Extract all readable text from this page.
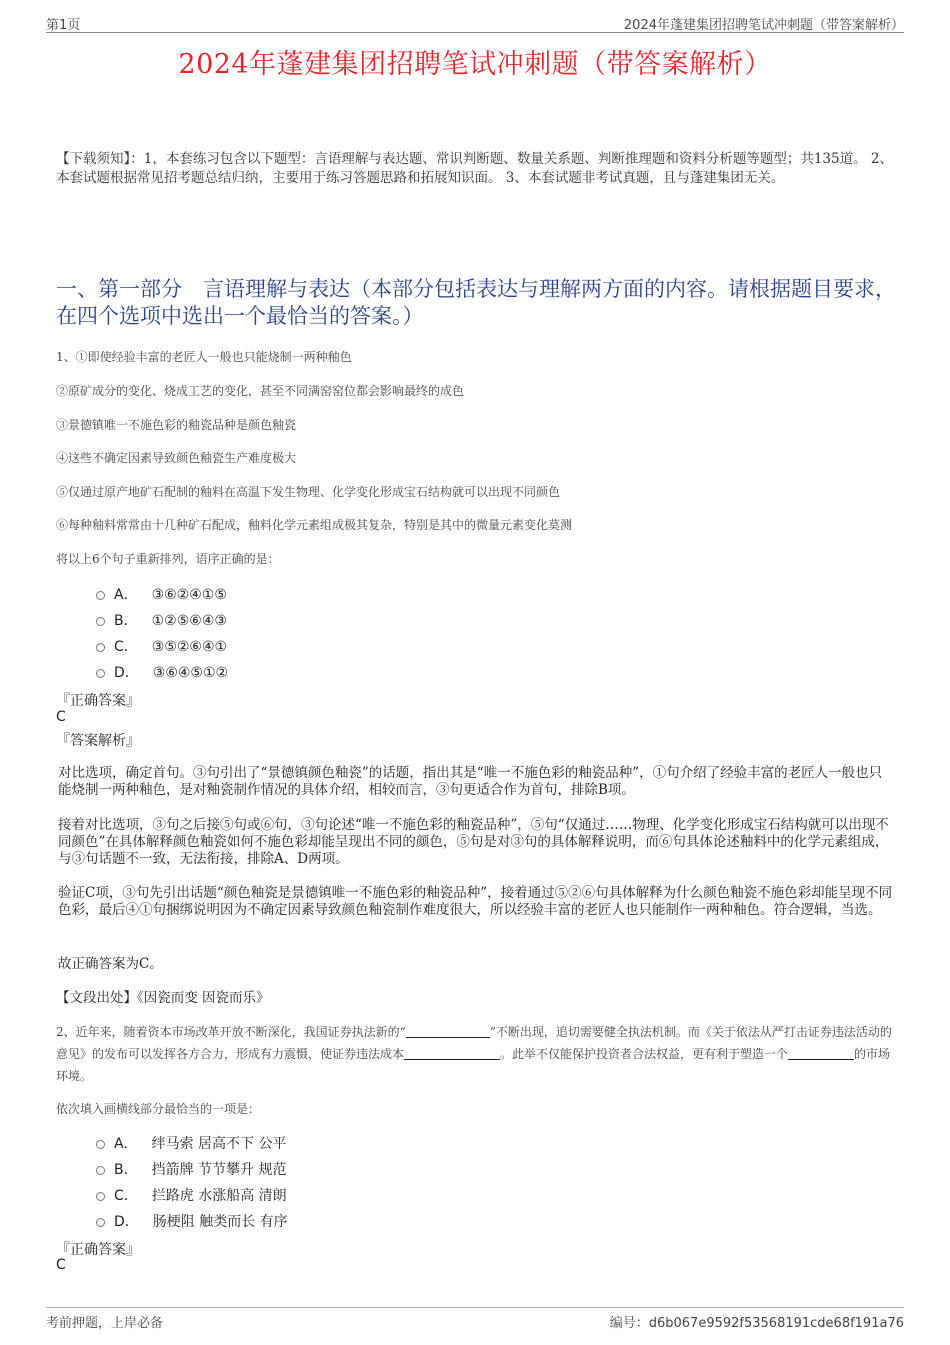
第1页	2024年蓬建集团招聘笔试冲刺题（带答案解析）
2024年蓬建集团招聘笔试冲刺题（带答案解析）
【下载须知】：1，本套练习包含以下题型：言语理解与表达题、常识判断题、数量关系题、判断推理题和资料分析题等题型；共135道。 2、本套试题根据常见招考题总结归纳，主要用于练习答题思路和拓展知识面。 3、本套试题非考试真题，且与蓬建集团无关。
一、第一部分　言语理解与表达（本部分包括表达与理解两方面的内容。请根据题目要求，在四个选项中选出一个最恰当的答案。）
1、①即使经验丰富的老匠人一般也只能烧制一两种釉色
②原矿成分的变化、烧成工艺的变化，甚至不同满窑窑位都会影响最终的成色
③景德镇唯一不施色彩的釉瓷品种是颜色釉瓷
④这些不确定因素导致颜色釉瓷生产难度极大
⑤仅通过原产地矿石配制的釉料在高温下发生物理、化学变化形成宝石结构就可以出现不同颜色
⑥每种釉料常常由十几种矿石配成，釉料化学元素组成极其复杂，特别是其中的微量元素变化莫测
将以上6个句子重新排列，语序正确的是：
A． ③⑥②④①⑤
B． ①②⑤⑥④③
C． ③⑤②⑥④①
D． ③⑥④⑤①②
『正确答案』
C
『答案解析』
对比选项，确定首句。③句引出了“景德镇颜色釉瓷”的话题，指出其是“唯一不施色彩的釉瓷品种”，①句介绍了经验丰富的老匠人一般也只能烧制一两种釉色，是对釉瓷制作情况的具体介绍，相较而言，③句更适合作为首句，排除B项。
接着对比选项，③句之后接⑤句或⑥句，③句论述“唯一不施色彩的釉瓷品种”，⑤句“仅通过……物理、化学变化形成宝石结构就可以出现不同颜色”在具体解释颜色釉瓷如何不施色彩却能呈现出不同的颜色，⑤句是对③句的具体解释说明，而⑥句具体论述釉料中的化学元素组成，与③句话题不一致，无法衔接，排除A、D两项。
验证C项，③句先引出话题“颜色釉瓷是景德镇唯一不施色彩的釉瓷品种”，接着通过⑤②⑥句具体解释为什么颜色釉瓷不施色彩却能呈现不同色彩，最后④①句捆绑说明因为不确定因素导致颜色釉瓷制作难度很大，所以经验丰富的老匠人也只能制作一两种釉色。符合逻辑，当选。
故正确答案为C。
【文段出处】《因瓷而变 因瓷而乐》
2、近年来，随着资本市场改革开放不断深化，我国证券执法新的“	”不断出现，追切需要健全执法机制。而《关于依法从严打击证券违法活动的意见》的发布可以发挥各方合力，形成有力震慑，使证券违法成本	。此举不仅能保护投资者合法权益，更有利于塑造一个	的市场环境。
依次填入画横线部分最恰当的一项是：
A． 绊马索 居高不下 公平
B． 挡箭牌 节节攀升 规范
C． 拦路虎 水涨船高 清朗
D． 肠梗阻 触类而长 有序
『正确答案』
C
考前押题，上岸必备	编号：d6b067e9592f53568191cde68f191a76
